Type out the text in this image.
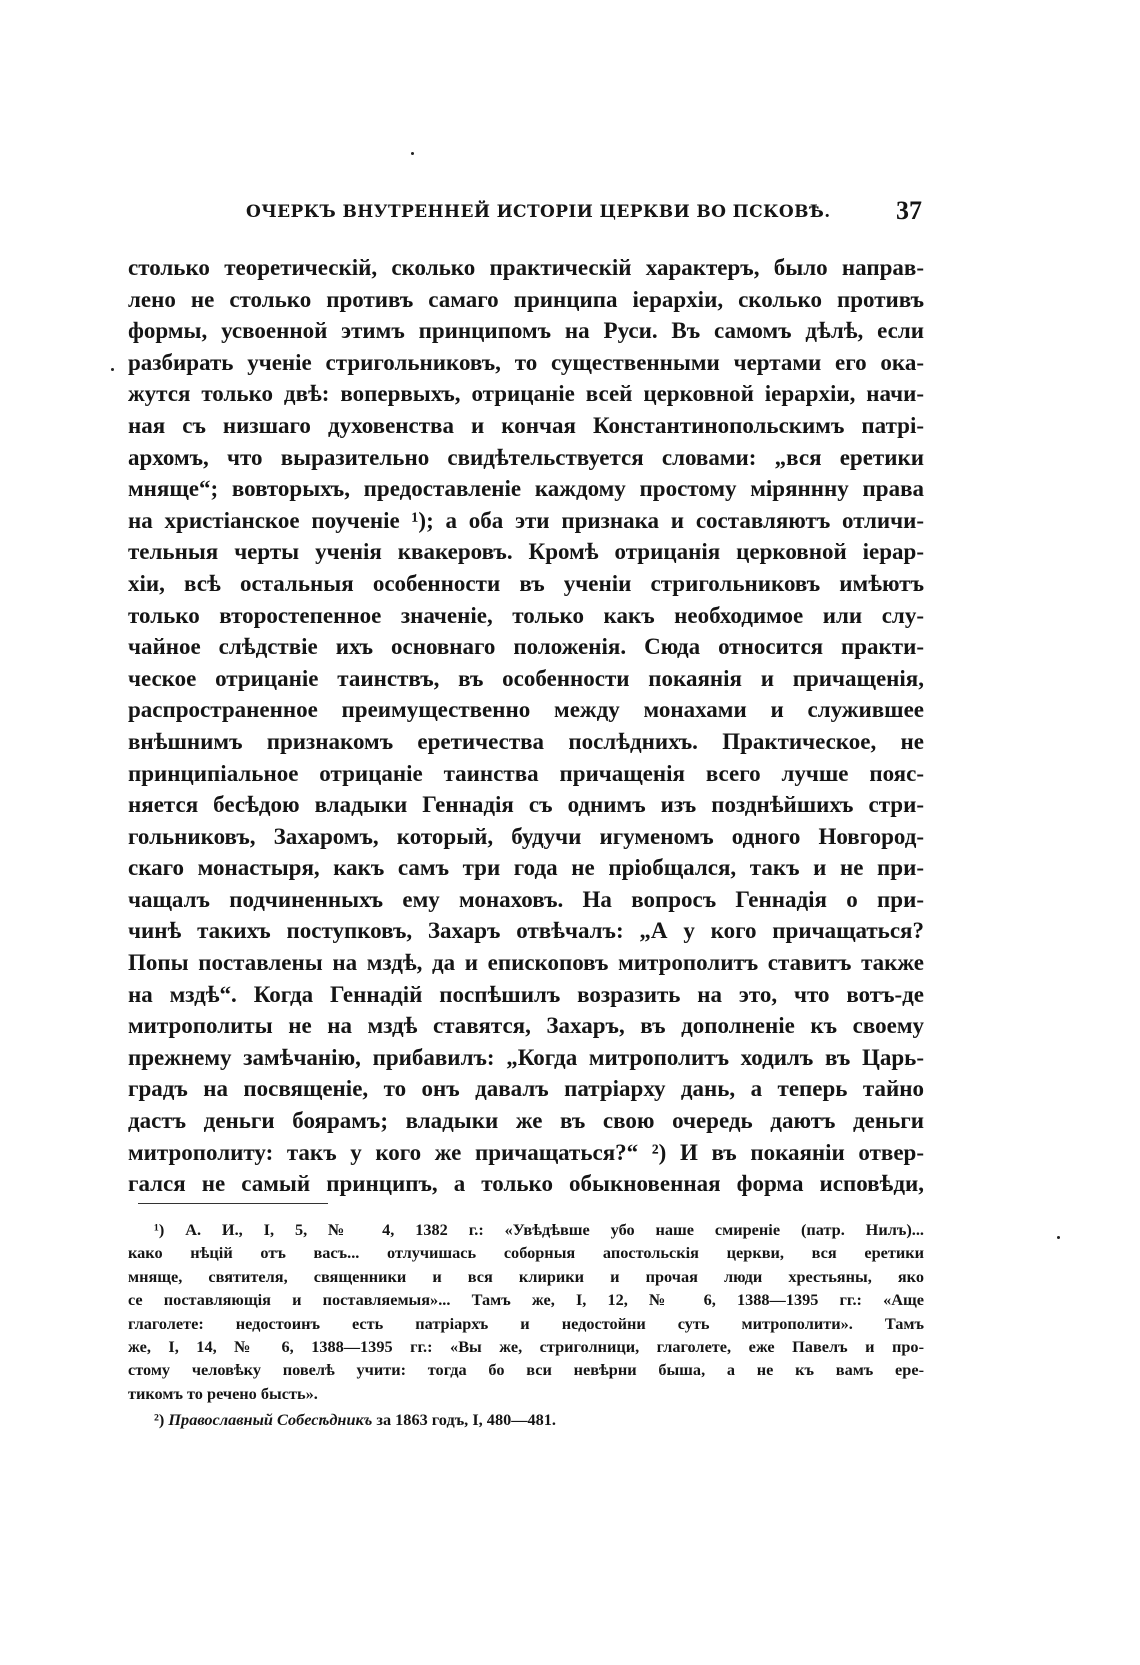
ОЧЕРКЪ ВНУТРЕННЕЙ ИСТОРІИ ЦЕРКВИ ВО ПСКОВѢ.	37
столько теоретическій, сколько практическій характеръ, было направ-
лено не столько противъ самаго принципа іерархіи, сколько противъ
формы, усвоенной этимъ принципомъ на Руси. Въ самомъ дѣлѣ, если
разбирать ученіе стригольниковъ, то существенными чертами его ока-
жутся только двѣ: вопервыхъ, отрицаніе всей церковной іерархіи, начи-
ная съ низшаго духовенства и кончая Константинопольскимъ патрі-
архомъ, что выразительно свидѣтельствуется словами: „вся еретики
мняще“; вовторыхъ, предоставленіе каждому простому міряннну права
на христіанское поученіе ¹); а оба эти признака и составляютъ отличи-
тельныя черты ученія квакеровъ. Кромѣ отрицанія церковной іерар-
хіи, всѣ остальныя особенности въ ученіи стригольниковъ имѣютъ
только второстепенное значеніе, только какъ необходимое или слу-
чайное слѣдствіе ихъ основнаго положенія. Сюда относится практи-
ческое отрицаніе таинствъ, въ особенности покаянія и причащенія,
распространенное преимущественно между монахами и служившее
внѣшнимъ признакомъ еретичества послѣднихъ. Практическое, не
принципіальное отрицаніе таинства причащенія всего лучше пояс-
няется бесѣдою владыки Геннадія съ однимъ изъ позднѣйшихъ стри-
гольниковъ, Захаромъ, который, будучи игуменомъ одного Новгород-
скаго монастыря, какъ самъ три года не пріобщался, такъ и не при-
чащалъ подчиненныхъ ему монаховъ. На вопросъ Геннадія о при-
чинѣ такихъ поступковъ, Захаръ отвѣчалъ: „А у кого причащаться?
Попы поставлены на мздѣ, да и епископовъ митрополитъ ставитъ также
на мздѣ“. Когда Геннадій поспѣшилъ возразить на это, что вотъ-де
митрополиты не на мздѣ ставятся, Захаръ, въ дополненіе къ своему
прежнему замѣчанію, прибавилъ: „Когда митрополитъ ходилъ въ Царь-
градъ на посвященіе, то онъ давалъ патріарху дань, а теперь тайно
дастъ деньги боярамъ; владыки же въ свою очередь даютъ деньги
митрополиту: такъ у кого же причащаться?“ ²) И въ покаяніи отвер-
гался не самый принципъ, а только обыкновенная форма исповѣди,
¹) А. И., I, 5, № 4, 1382 г.: «Увѣдѣвше убо наше смиреніе (патр. Нилъ)...
како нѣцій отъ васъ... отлучишась соборныя апостольскія церкви, вся еретики
мняще, святителя, священники и вся клирики и прочая люди хрестьяны, яко
се поставляющія и поставляемыя»... Тамъ же, I, 12, № 6, 1388—1395 гг.: «Аще
глаголете: недостоинъ есть патріархъ и недостойни суть митрополити». Тамъ
же, I, 14, № 6, 1388—1395 гг.: «Вы же, стриголници, глаголете, еже Павелъ и про-
стому человѣку повелѣ учити: тогда бо вси невѣрни быша, а не къ вамъ ере-
тикомъ то речено бысть».
²) Православный Собесѣдникъ за 1863 годъ, I, 480—481.
